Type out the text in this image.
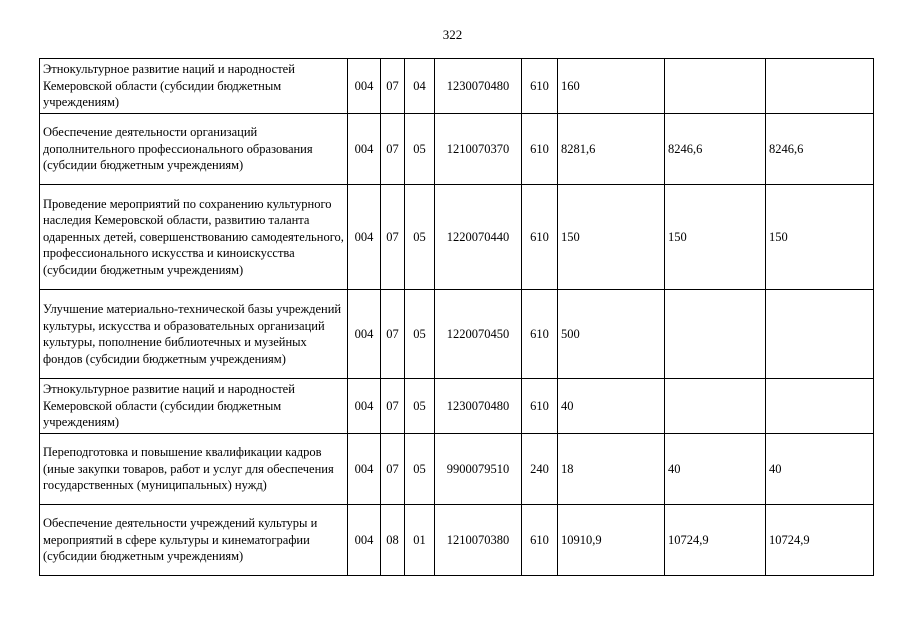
322
Этнокультурное развитие наций и народностей Кемеровской области (субсидии бюджетным учреждениям)	004	07	04	1230070480	610	160		
Обеспечение деятельности организаций дополнительного профессионального образования (субсидии бюджетным учреждениям)	004	07	05	1210070370	610	8281,6	8246,6	8246,6
Проведение мероприятий по сохранению культурного наследия Кемеровской области, развитию таланта одаренных детей, совершенствованию самодеятельного, профессионального искусства и киноискусства (субсидии бюджетным учреждениям)	004	07	05	1220070440	610	150	150	150
Улучшение материально-технической базы учреждений культуры, искусства и образовательных организаций культуры, пополнение библиотечных и музейных фондов (субсидии бюджетным учреждениям)	004	07	05	1220070450	610	500		
Этнокультурное развитие наций и народностей Кемеровской области (субсидии бюджетным учреждениям)	004	07	05	1230070480	610	40		
Переподготовка и повышение квалификации кадров (иные закупки товаров, работ и услуг для обеспечения государственных (муниципальных) нужд)	004	07	05	9900079510	240	18	40	40
Обеспечение деятельности учреждений культуры и мероприятий в сфере культуры и кинематографии (субсидии бюджетным учреждениям)	004	08	01	1210070380	610	10910,9	10724,9	10724,9
